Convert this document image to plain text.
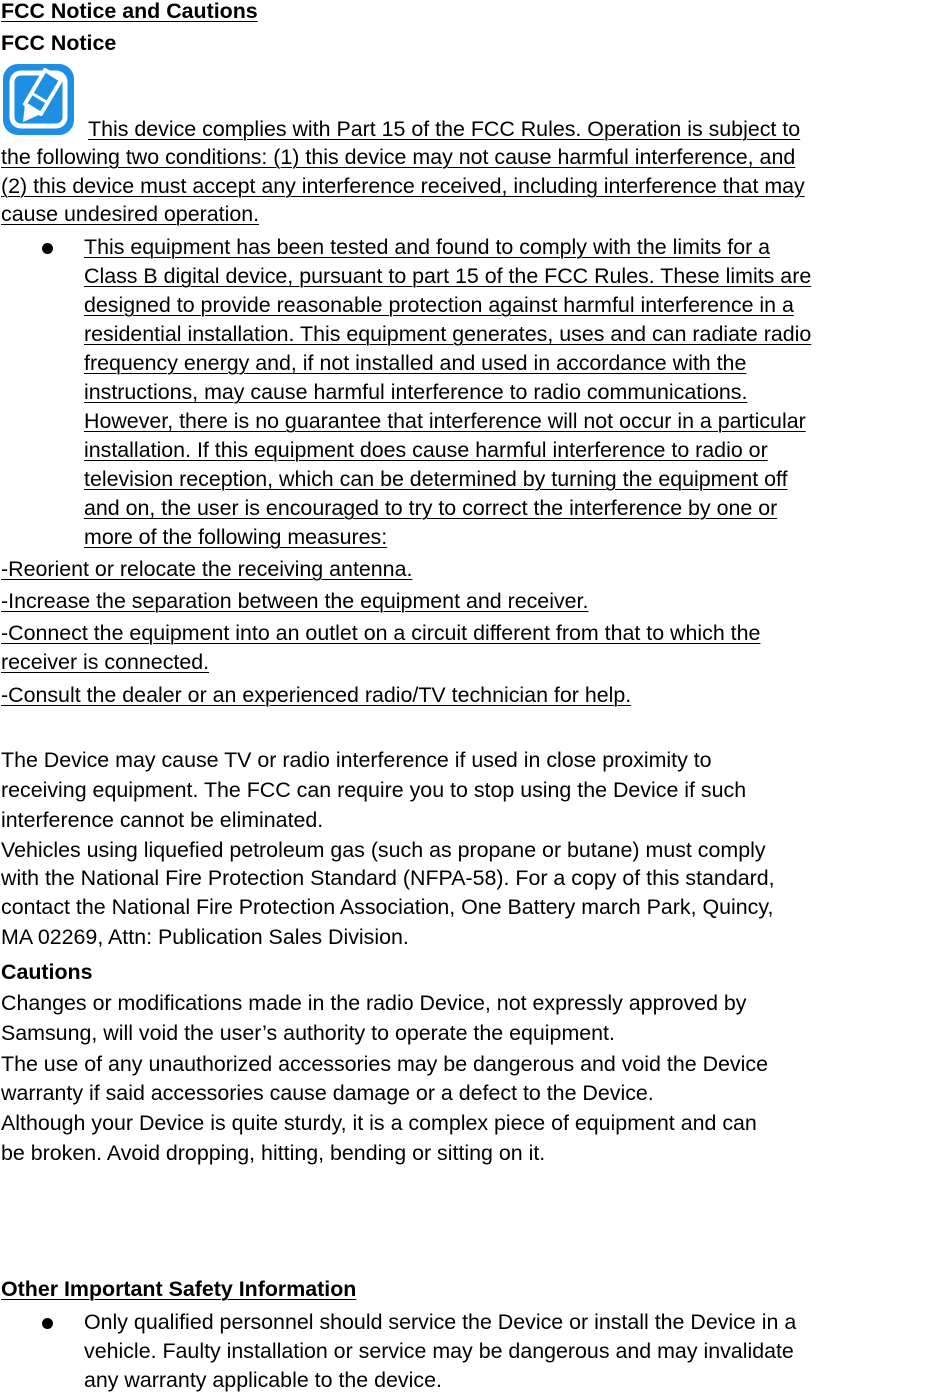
FCC Notice and Cautions
FCC Notice
This device complies with Part 15 of the FCC Rules. Operation is subject to
the following two conditions: (1) this device may not cause harmful interference, and
(2) this device must accept any interference received, including interference that may
cause undesired operation.
This equipment has been tested and found to comply with the limits for a
Class B digital device, pursuant to part 15 of the FCC Rules. These limits are
designed to provide reasonable protection against harmful interference in a
residential installation. This equipment generates, uses and can radiate radio
frequency energy and, if not installed and used in accordance with the
instructions, may cause harmful interference to radio communications.
However, there is no guarantee that interference will not occur in a particular
installation. If this equipment does cause harmful interference to radio or
television reception, which can be determined by turning the equipment off
and on, the user is encouraged to try to correct the interference by one or
more of the following measures:
-Reorient or relocate the receiving antenna.
-Increase the separation between the equipment and receiver.
-Connect the equipment into an outlet on a circuit different from that to which the
receiver is connected.
-Consult the dealer or an experienced radio/TV technician for help.
The Device may cause TV or radio interference if used in close proximity to
receiving equipment. The FCC can require you to stop using the Device if such
interference cannot be eliminated.
Vehicles using liquefied petroleum gas (such as propane or butane) must comply
with the National Fire Protection Standard (NFPA-58). For a copy of this standard,
contact the National Fire Protection Association, One Battery march Park, Quincy,
MA 02269, Attn: Publication Sales Division.
Cautions
Changes or modifications made in the radio Device, not expressly approved by
Samsung, will void the user’s authority to operate the equipment.
The use of any unauthorized accessories may be dangerous and void the Device
warranty if said accessories cause damage or a defect to the Device.
Although your Device is quite sturdy, it is a complex piece of equipment and can
be broken. Avoid dropping, hitting, bending or sitting on it.
Other Important Safety Information
Only qualified personnel should service the Device or install the Device in a
vehicle. Faulty installation or service may be dangerous and may invalidate
any warranty applicable to the device.
